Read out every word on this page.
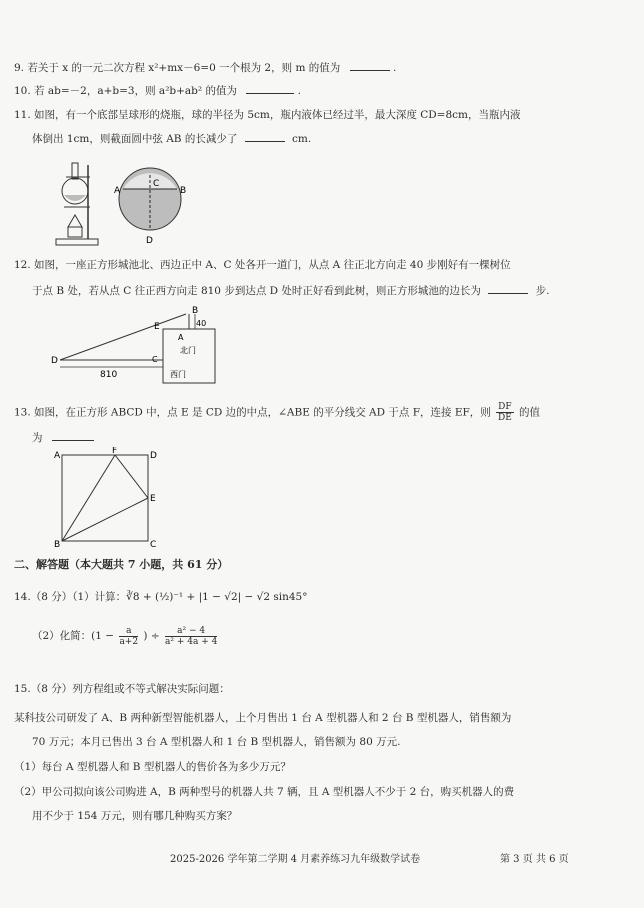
9. 若关于 x 的一元二次方程 x²+mx－6=0 一个根为 2，则 m 的值为	.
10. 若 ab=－2，a+b=3，则 a²b+ab² 的值为	.
11. 如图，有一个底部呈球形的烧瓶，球的半径为 5cm，瓶内液体已经过半，最大深度 CD=8cm，当瓶内液
体倒出 1cm，则截面圆中弦 AB 的长减少了	cm.
A	B
C
D
12. 如图，一座正方形城池北、西边正中 A、C 处各开一道门，从点 A 往正北方向走 40 步刚好有一棵树位
于点 B 处，若从点 C 往正西方向走 810 步到达点 D 处时正好看到此树，则正方形城池的边长为	步.
B
E
D
A
C
40
810
北门
西门
13. 如图，在正方形 ABCD 中，点 E 是 CD 边的中点，∠ABE 的平分线交 AD 于点 F，连接 EF，则 $\frac{DF}{DE}$ 的值
为
A	F	D
E
B	C
二、解答题（本大题共 7 小题，共 61 分）
14.（8 分）（1）计算：∛8 + (½)⁻¹ + |1 − √2| − √2 sin45°
（2）化简：($1 - \frac{a}{a+2}$ ) ÷ $\frac{\text{a² − 4}}{\text{a² + 4a + 4}}$
15.（8 分）列方程组或不等式解决实际问题：
某科技公司研发了 A、B 两种新型智能机器人，上个月售出 1 台 A 型机器人和 2 台 B 型机器人，销售额为
70 万元；本月已售出 3 台 A 型机器人和 1 台 B 型机器人，销售额为 80 万元.
（1）每台 A 型机器人和 B 型机器人的售价各为多少万元？
（2）甲公司拟向该公司购进 A，B 两种型号的机器人共 7 辆，且 A 型机器人不少于 2 台，购买机器人的费
用不少于 154 万元，则有哪几种购买方案？
2025-2026 学年第二学期 4 月素养练习九年级数学试卷	第 3 页 共 6 页
